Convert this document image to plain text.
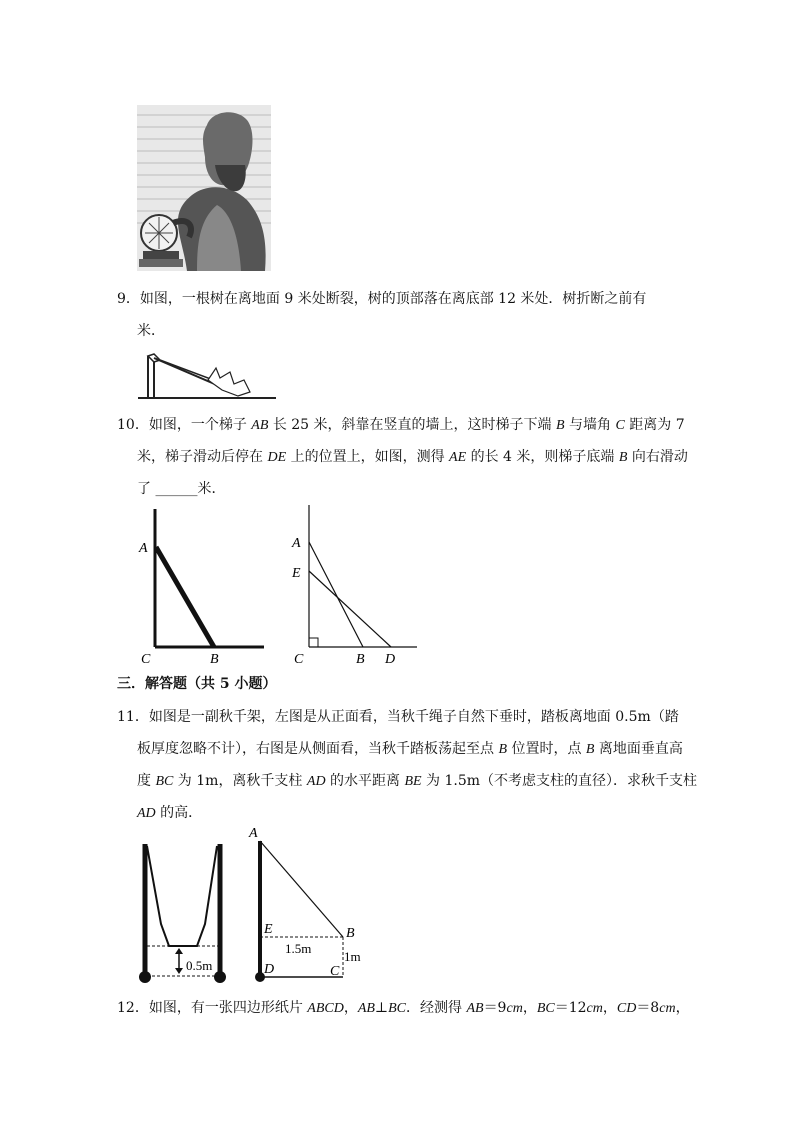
9．如图，一根树在离地面 9 米处断裂，树的顶部落在离底部 12 米处．树折断之前有
米．
10．如图，一个梯子 AB 长 25 米，斜靠在竖直的墙上，这时梯子下端 B 与墙角 C 距离为 7
米，梯子滑动后停在 DE 上的位置上，如图，测得 AE 的长 4 米，则梯子底端 B 向右滑动
了 ______米．
A
C	B
A
E
C	B D
三．解答题（共 5 小题）
11．如图是一副秋千架，左图是从正面看，当秋千绳子自然下垂时，踏板离地面 0.5m（踏
板厚度忽略不计），右图是从侧面看，当秋千踏板荡起至点 B 位置时，点 B 离地面垂直高
度 BC 为 1m，离秋千支柱 AD 的水平距离 BE 为 1.5m（不考虑支柱的直径）．求秋千支柱
AD 的高．
0.5m
A
E	B
D	C
1.5m
1m
12．如图，有一张四边形纸片 ABCD，AB⊥BC．经测得 AB＝9cm，BC＝12cm，CD＝8cm，
